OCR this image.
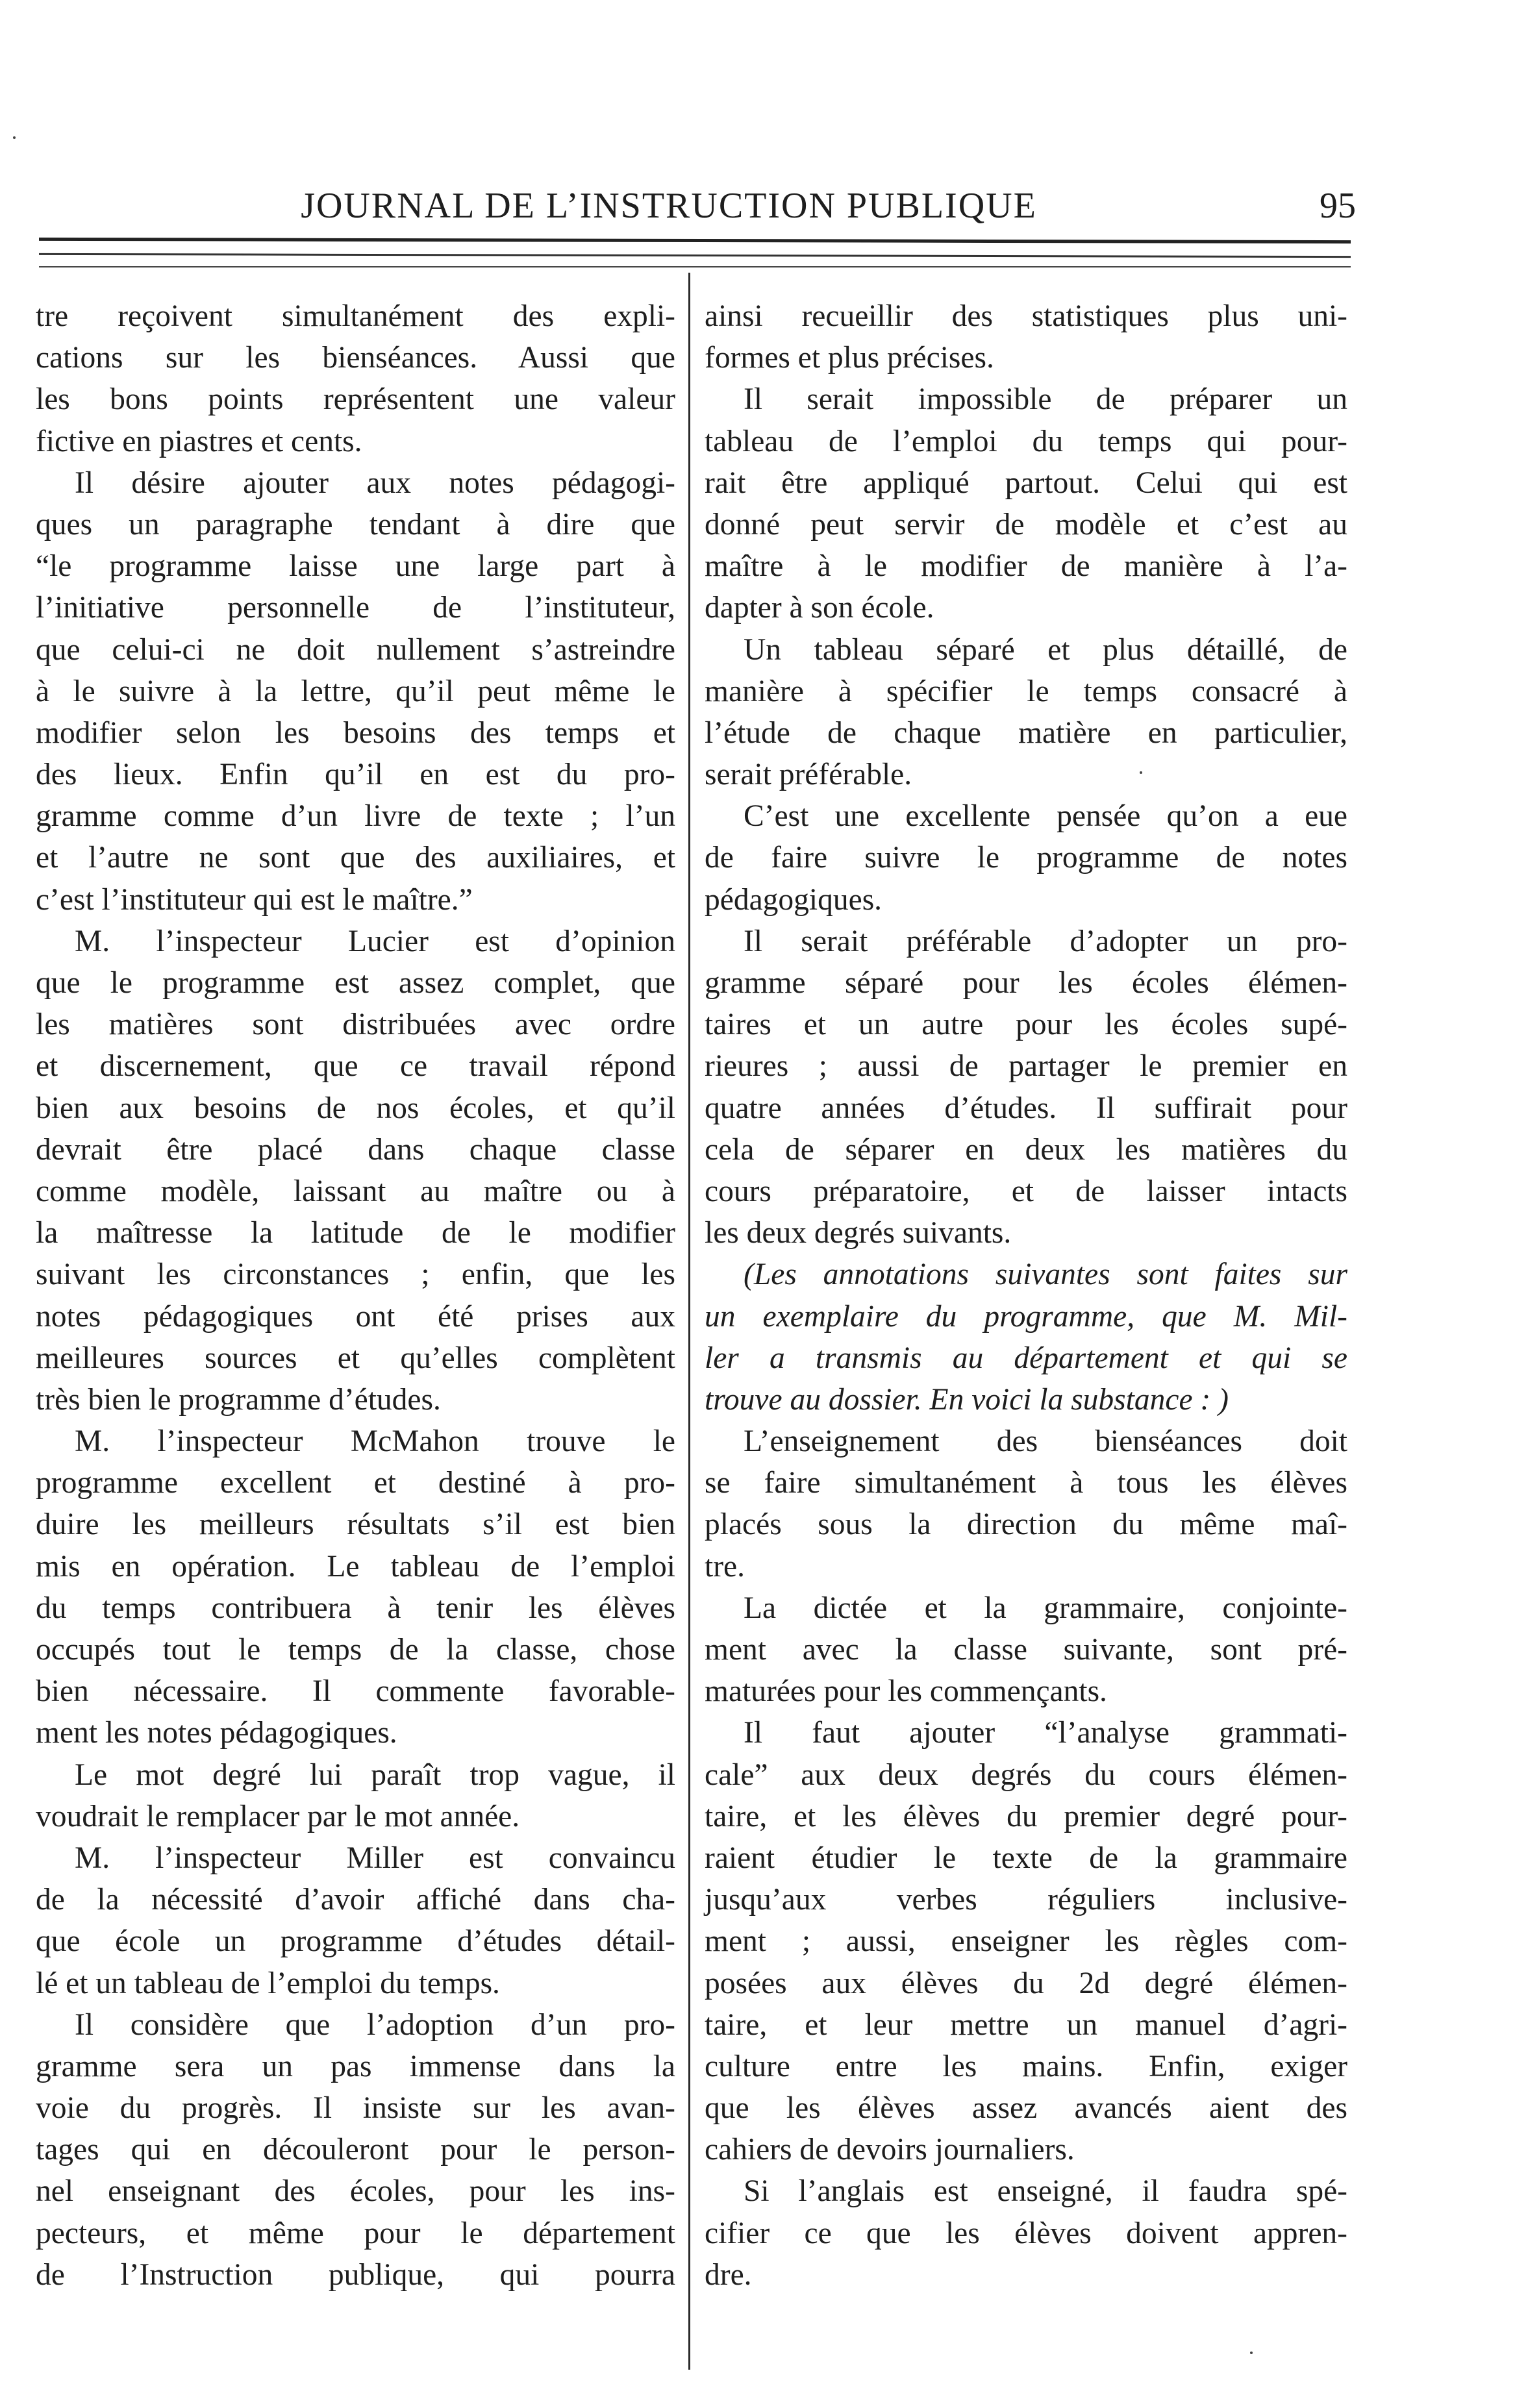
JOURNAL DE L’INSTRUCTION PUBLIQUE	95
tre reçoivent simultanément des expli-
cations sur les bienséances. Aussi que
les bons points représentent une valeur
fictive en piastres et cents.
Il désire ajouter aux notes pédagogi-
ques un paragraphe tendant à dire que
“le programme laisse une large part à
l’initiative personnelle de l’instituteur,
que celui-ci ne doit nullement s’astreindre
à le suivre à la lettre, qu’il peut même le
modifier selon les besoins des temps et
des lieux. Enfin qu’il en est du pro-
gramme comme d’un livre de texte ; l’un
et l’autre ne sont que des auxiliaires, et
c’est l’instituteur qui est le maître.”
M. l’inspecteur Lucier est d’opinion
que le programme est assez complet, que
les matières sont distribuées avec ordre
et discernement, que ce travail répond
bien aux besoins de nos écoles, et qu’il
devrait être placé dans chaque classe
comme modèle, laissant au maître ou à
la maîtresse la latitude de le modifier
suivant les circonstances ; enfin, que les
notes pédagogiques ont été prises aux
meilleures sources et qu’elles complètent
très bien le programme d’études.
M. l’inspecteur McMahon trouve le
programme excellent et destiné à pro-
duire les meilleurs résultats s’il est bien
mis en opération. Le tableau de l’emploi
du temps contribuera à tenir les élèves
occupés tout le temps de la classe, chose
bien nécessaire. Il commente favorable-
ment les notes pédagogiques.
Le mot degré lui paraît trop vague, il
voudrait le remplacer par le mot année.
M. l’inspecteur Miller est convaincu
de la nécessité d’avoir affiché dans cha-
que école un programme d’études détail-
lé et un tableau de l’emploi du temps.
Il considère que l’adoption d’un pro-
gramme sera un pas immense dans la
voie du progrès. Il insiste sur les avan-
tages qui en découleront pour le person-
nel enseignant des écoles, pour les ins-
pecteurs, et même pour le département
de l’Instruction publique, qui pourra
ainsi recueillir des statistiques plus uni-
formes et plus précises.
Il serait impossible de préparer un
tableau de l’emploi du temps qui pour-
rait être appliqué partout. Celui qui est
donné peut servir de modèle et c’est au
maître à le modifier de manière à l’a-
dapter à son école.
Un tableau séparé et plus détaillé, de
manière à spécifier le temps consacré à
l’étude de chaque matière en particulier,
serait préférable.
C’est une excellente pensée qu’on a eue
de faire suivre le programme de notes
pédagogiques.
Il serait préférable d’adopter un pro-
gramme séparé pour les écoles élémen-
taires et un autre pour les écoles supé-
rieures ; aussi de partager le premier en
quatre années d’études. Il suffirait pour
cela de séparer en deux les matières du
cours préparatoire, et de laisser intacts
les deux degrés suivants.
(Les annotations suivantes sont faites sur
un exemplaire du programme, que M. Mil-
ler a transmis au département et qui se
trouve au dossier. En voici la substance : )
L’enseignement des bienséances doit
se faire simultanément à tous les élèves
placés sous la direction du même maî-
tre.
La dictée et la grammaire, conjointe-
ment avec la classe suivante, sont pré-
maturées pour les commençants.
Il faut ajouter “l’analyse grammati-
cale” aux deux degrés du cours élémen-
taire, et les élèves du premier degré pour-
raient étudier le texte de la grammaire
jusqu’aux verbes réguliers inclusive-
ment ; aussi, enseigner les règles com-
posées aux élèves du 2d degré élémen-
taire, et leur mettre un manuel d’agri-
culture entre les mains. Enfin, exiger
que les élèves assez avancés aient des
cahiers de devoirs journaliers.
Si l’anglais est enseigné, il faudra spé-
cifier ce que les élèves doivent appren-
dre.
